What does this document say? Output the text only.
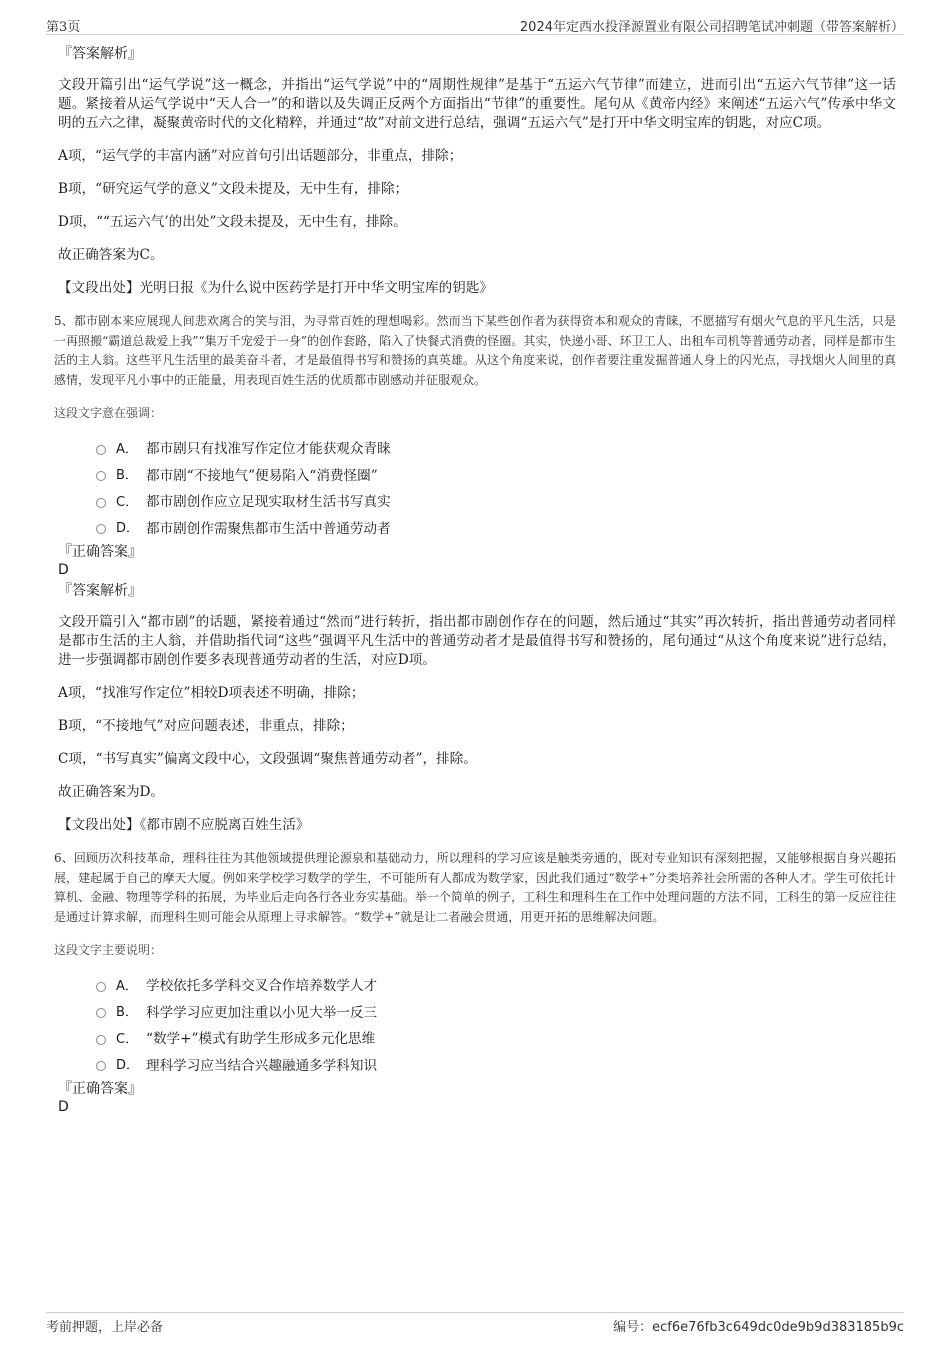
第3页	2024年定西水投泽源置业有限公司招聘笔试冲刺题（带答案解析）
『答案解析』

文段开篇引出“运气学说”这一概念，并指出“运气学说”中的“周期性规律”是基于“五运六气节律”而建立，进而引出“五运六气节律”这一话题。紧接着从运气学说中“天人合一”的和谐以及失调正反两个方面指出“节律”的重要性。尾句从《黄帝内经》来阐述“五运六气”传承中华文明的五六之律，凝聚黄帝时代的文化精粹，并通过“故”对前文进行总结，强调“五运六气”是打开中华文明宝库的钥匙，对应C项。

A项，“运气学的丰富内涵”对应首句引出话题部分，非重点，排除；
B项，“研究运气学的意义”文段未提及，无中生有，排除；
D项，““五运六气’的出处”文段未提及，无中生有，排除。
故正确答案为C。
【文段出处】光明日报《为什么说中医药学是打开中华文明宝库的钥匙》

5、都市剧本来应展现人间悲欢离合的笑与泪，为寻常百姓的理想喝彩。然而当下某些创作者为获得资本和观众的青睐，不愿描写有烟火气息的平凡生活，只是一再照搬“霸道总裁爱上我”“集万千宠爱于一身”的创作套路，陷入了快餐式消费的怪圈。其实，快递小哥、环卫工人、出租车司机等普通劳动者，同样是都市生活的主人翁。这些平凡生活里的最美奋斗者，才是最值得书写和赞扬的真英雄。从这个角度来说，创作者要注重发掘普通人身上的闪光点，寻找烟火人间里的真感情，发现平凡小事中的正能量，用表现百姓生活的优质都市剧感动并征服观众。

这段文字意在强调：
A． 都市剧只有找准写作定位才能获观众青睐
B． 都市剧“不接地气”便易陷入“消费怪圈”
C． 都市剧创作应立足现实取材生活书写真实
D． 都市剧创作需聚焦都市生活中普通劳动者
『正确答案』
D
『答案解析』

文段开篇引入“都市剧”的话题，紧接着通过“然而”进行转折，指出都市剧创作存在的问题，然后通过“其实”再次转折，指出普通劳动者同样是都市生活的主人翁，并借助指代词“这些”强调平凡生活中的普通劳动者才是最值得书写和赞扬的，尾句通过“从这个角度来说”进行总结，进一步强调都市剧创作要多表现普通劳动者的生活，对应D项。

A项，“找准写作定位”相较D项表述不明确，排除；
B项，“不接地气”对应问题表述，非重点，排除；
C项，“书写真实”偏离文段中心，文段强调“聚焦普通劳动者”，排除。
故正确答案为D。
【文段出处】《都市剧不应脱离百姓生活》

6、回顾历次科技革命，理科往往为其他领域提供理论源泉和基础动力，所以理科的学习应该是触类旁通的，既对专业知识有深刻把握，又能够根据自身兴趣拓展，建起属于自己的摩天大厦。例如来学校学习数学的学生，不可能所有人都成为数学家，因此我们通过“数学+”分类培养社会所需的各种人才。学生可依托计算机、金融、物理等学科的拓展，为毕业后走向各行各业夯实基础。举一个简单的例子，工科生和理科生在工作中处理问题的方法不同，工科生的第一反应往往是通过计算求解，而理科生则可能会从原理上寻求解答。“数学+”就是让二者融会贯通，用更开拓的思维解决问题。

这段文字主要说明：
A． 学校依托多学科交叉合作培养数学人才
B． 科学学习应更加注重以小见大举一反三
C． “数学+”模式有助学生形成多元化思维
D． 理科学习应当结合兴趣融通多学科知识
『正确答案』
D
考前押题，上岸必备	编号：ecf6e76fb3c649dc0de9b9d383185b9c
